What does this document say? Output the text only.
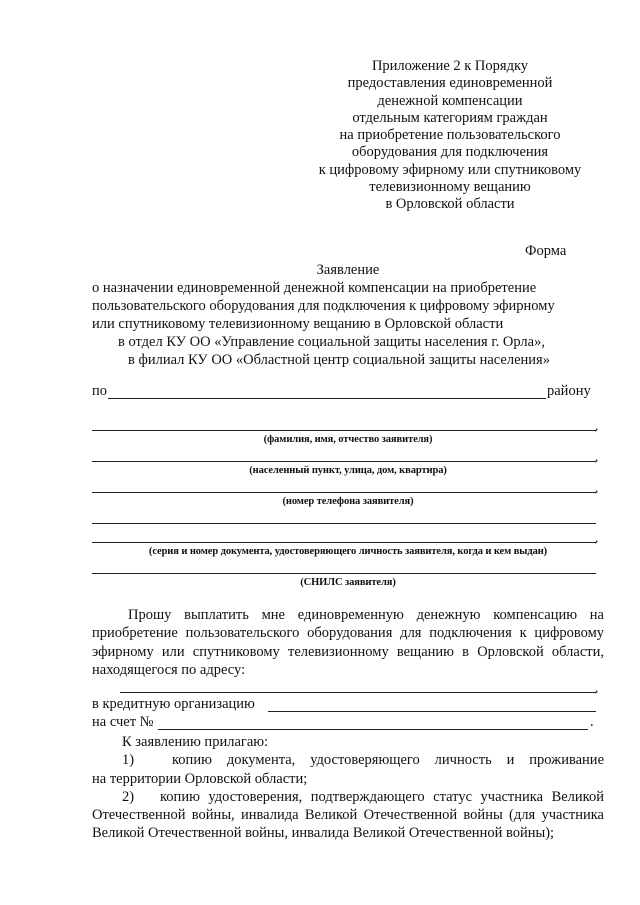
Приложение 2 к Порядку
предоставления единовременной
денежной компенсации
отдельным категориям граждан
на приобретение пользовательского
оборудования для подключения
к цифровому эфирному или спутниковому
телевизионному вещанию
в Орловской области
Форма
Заявление
о назначении единовременной денежной компенсации на приобретение
пользовательского оборудования для подключения к цифровому эфирному
или спутниковому телевизионному вещанию в Орловской области
в отдел КУ ОО «Управление социальной защиты населения г. Орла»,
в филиал КУ ОО «Областной центр социальной защиты населения»
по	району
,
(фамилия, имя, отчество заявителя)
,
(населенный пункт, улица, дом, квартира)
,
(номер телефона заявителя)
,
(серия и номер документа, удостоверяющего личность заявителя, когда и кем выдан)
(СНИЛС заявителя)
Прошу выплатить мне единовременную денежную компенсацию на
приобретение пользовательского оборудования для подключения к цифровому
эфирному или спутниковому телевизионному вещанию в Орловской области,
находящегося по адресу:
,
в кредитную организацию
на счет №	.
К заявлению прилагаю:
1)	копию документа, удостоверяющего личность и проживание
на территории Орловской области;
2) копию удостоверения, подтверждающего статус участника Великой
Отечественной войны, инвалида Великой Отечественной войны (для участника
Великой Отечественной войны, инвалида Великой Отечественной войны);
